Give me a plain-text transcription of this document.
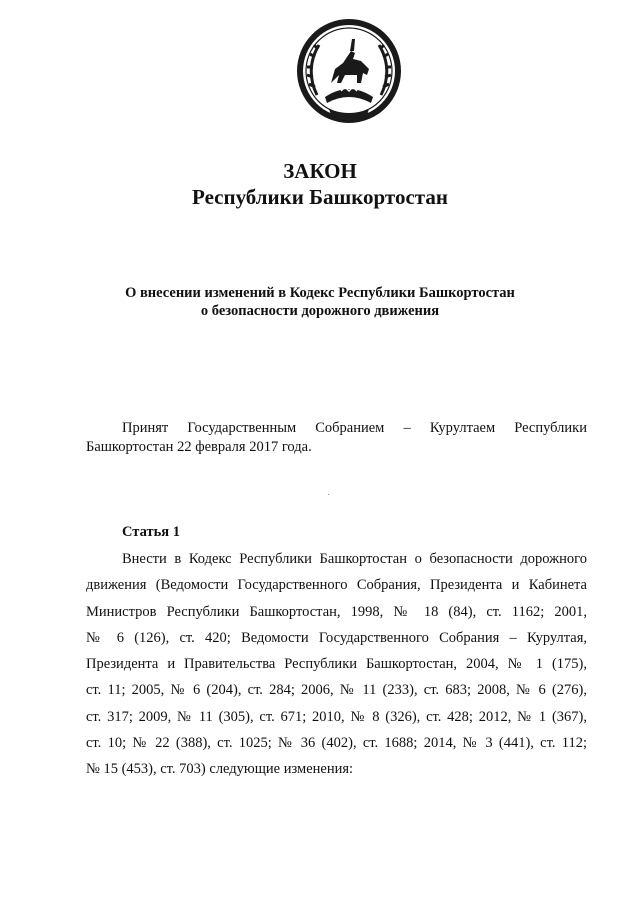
ЗАКОН
Республики Башкортостан
О внесении изменений в Кодекс Республики Башкортостан
о безопасности дорожного движения
Принят Государственным Собранием – Курултаем Республики
Башкортостан 22 февраля 2017 года.
Статья 1
Внести в Кодекс Республики Башкортостан о безопасности дорожного
движения (Ведомости Государственного Собрания, Президента и Кабинета
Министров Республики Башкортостан, 1998, № 18 (84), ст. 1162; 2001,
№ 6 (126), ст. 420; Ведомости Государственного Собрания – Курултая,
Президента и Правительства Республики Башкортостан, 2004, № 1 (175),
ст. 11; 2005, № 6 (204), ст. 284; 2006, № 11 (233), ст. 683; 2008, № 6 (276),
ст. 317; 2009, № 11 (305), ст. 671; 2010, № 8 (326), ст. 428; 2012, № 1 (367),
ст. 10; № 22 (388), ст. 1025; № 36 (402), ст. 1688; 2014, № 3 (441), ст. 112;
№ 15 (453), ст. 703) следующие изменения:
